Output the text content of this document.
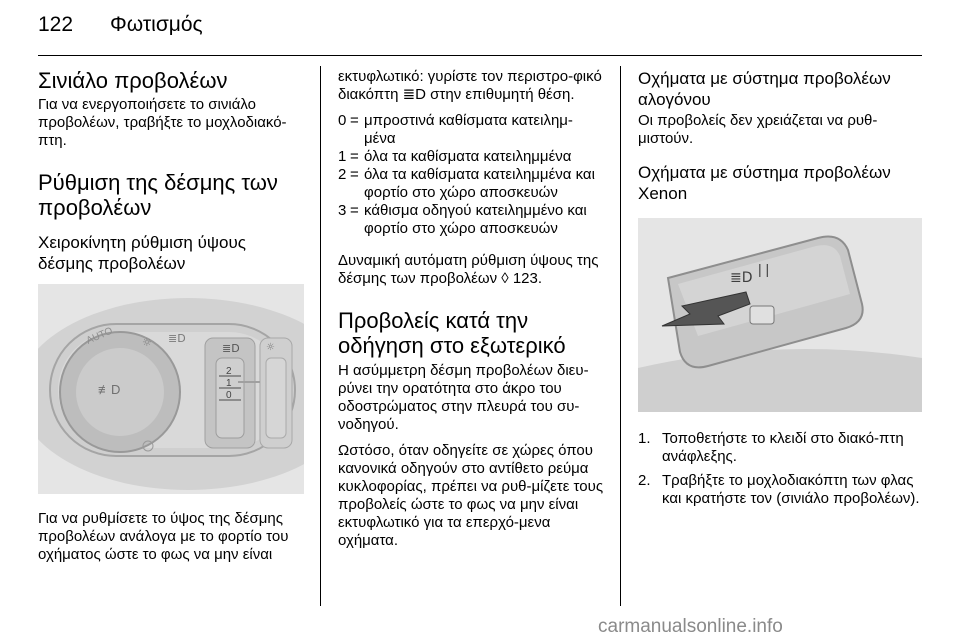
122 Φωτισμός
Σινιάλο προβολέων

Για να ενεργοποιήσετε το σινιάλο προβολέων, τραβήξτε το μοχλοδιακό-πτη.

Ρύθμιση της δέσμης των προβολέων
Χειροκίνητη ρύθμιση ύψους δέσμης προβολέων
≢D
AUTO	☼ ≣D
2
1
0
≣D	☼

Για να ρυθμίσετε το ύψος της δέσμης προβολέων ανάλογα με το φορτίο του οχήματος ώστε το φως να μην είναι

εκτυφλωτικό: γυρίστε τον περιστρο-φικό διακόπτη ≣D στην επιθυμητή θέση.

0 = μπροστινά καθίσματα κατειλημ-μένα
1 = όλα τα καθίσματα κατειλημμένα
2 = όλα τα καθίσματα κατειλημμένα και φορτίο στο χώρο αποσκευών
3 = κάθισμα οδηγού κατειλημμένο και φορτίο στο χώρο αποσκευών

Δυναμική αυτόματη ρύθμιση ύψους της δέσμης των προβολέων ◊ 123.

Προβολείς κατά την οδήγηση στο εξωτερικό

Η ασύμμετρη δέσμη προβολέων διευ-ρύνει την ορατότητα στο άκρο του οδοστρώματος στην πλευρά του συ-νοδηγού.

Ωστόσο, όταν οδηγείτε σε χώρες όπου κανονικά οδηγούν στο αντίθετο ρεύμα κυκλοφορίας, πρέπει να ρυθ-μίζετε τους προβολείς ώστε το φως να μην είναι εκτυφλωτικό για τα επερχό-μενα οχήματα.

Οχήματα με σύστημα προβολέων αλογόνου

Οι προβολείς δεν χρειάζεται να ρυθ-μιστούν.

Οχήματα με σύστημα προβολέων Xenon
≣D
| |
1. Τοποθετήστε το κλειδί στο διακό-πτη ανάφλεξης.
2. Τραβήξτε το μοχλοδιακόπτη των φλας και κρατήστε τον (σινιάλο προβολέων).
carmanualsonline.info
